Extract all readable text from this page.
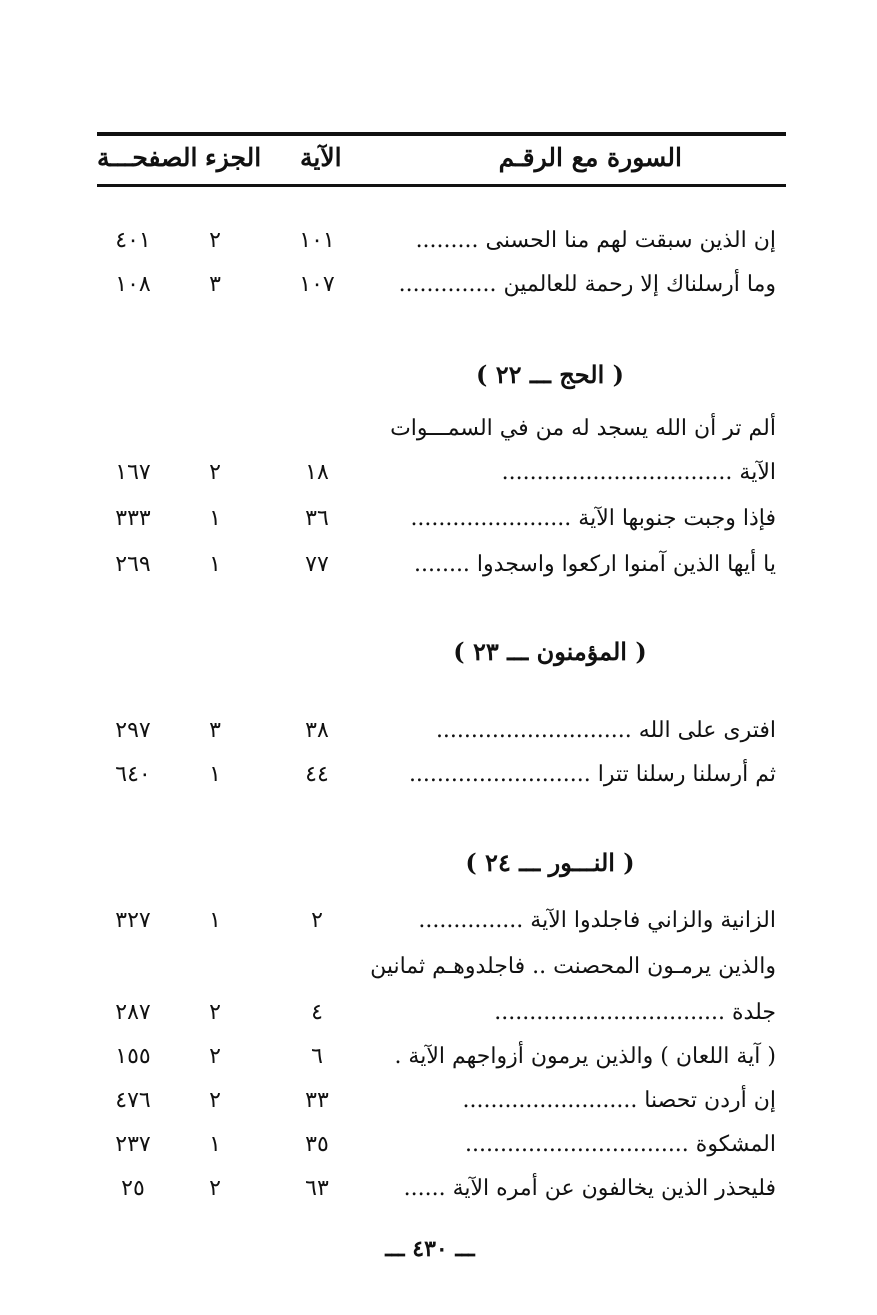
السورة مع الرقـم
الآية
الجزء
الصفحـــة
إن الذين سبقت لهم منا الحسنى .........
١٠١
٢
٤٠١
وما أرسلناك إلا رحمة للعالمين ..............
١٠٧
٣
١٠٨
( الحج ـــ ٢٢ )
ألم تر أن الله يسجد له من في السمـــوات
الآية .................................
١٨
٢
١٦٧
فإذا وجبت جنوبها الآية .......................
٣٦
١
٣٣٣
يا أيها الذين آمنوا اركعوا واسجدوا ........
٧٧
١
٢٦٩
( المؤمنون ـــ ٢٣ )
افترى على الله ............................
٣٨
٣
٢٩٧
ثم أرسلنا رسلنا تترا ..........................
٤٤
١
٦٤٠
( النـــور ـــ ٢٤ )
الزانية والزاني فاجلدوا الآية ...............
٢
١
٣٢٧
والذين يرمـون المحصنت .. فاجلدوهـم ثمانين
جلدة .................................
٤
٢
٢٨٧
( آية اللعان ) والذين يرمون أزواجهم الآية .
٦
٢
١٥٥
إن أردن تحصنا .........................
٣٣
٢
٤٧٦
المشكوة ................................
٣٥
١
٢٣٧
فليحذر الذين يخالفون عن أمره الآية ......
٦٣
٢
٢٥
ـــ ٤٣٠ ـــ
